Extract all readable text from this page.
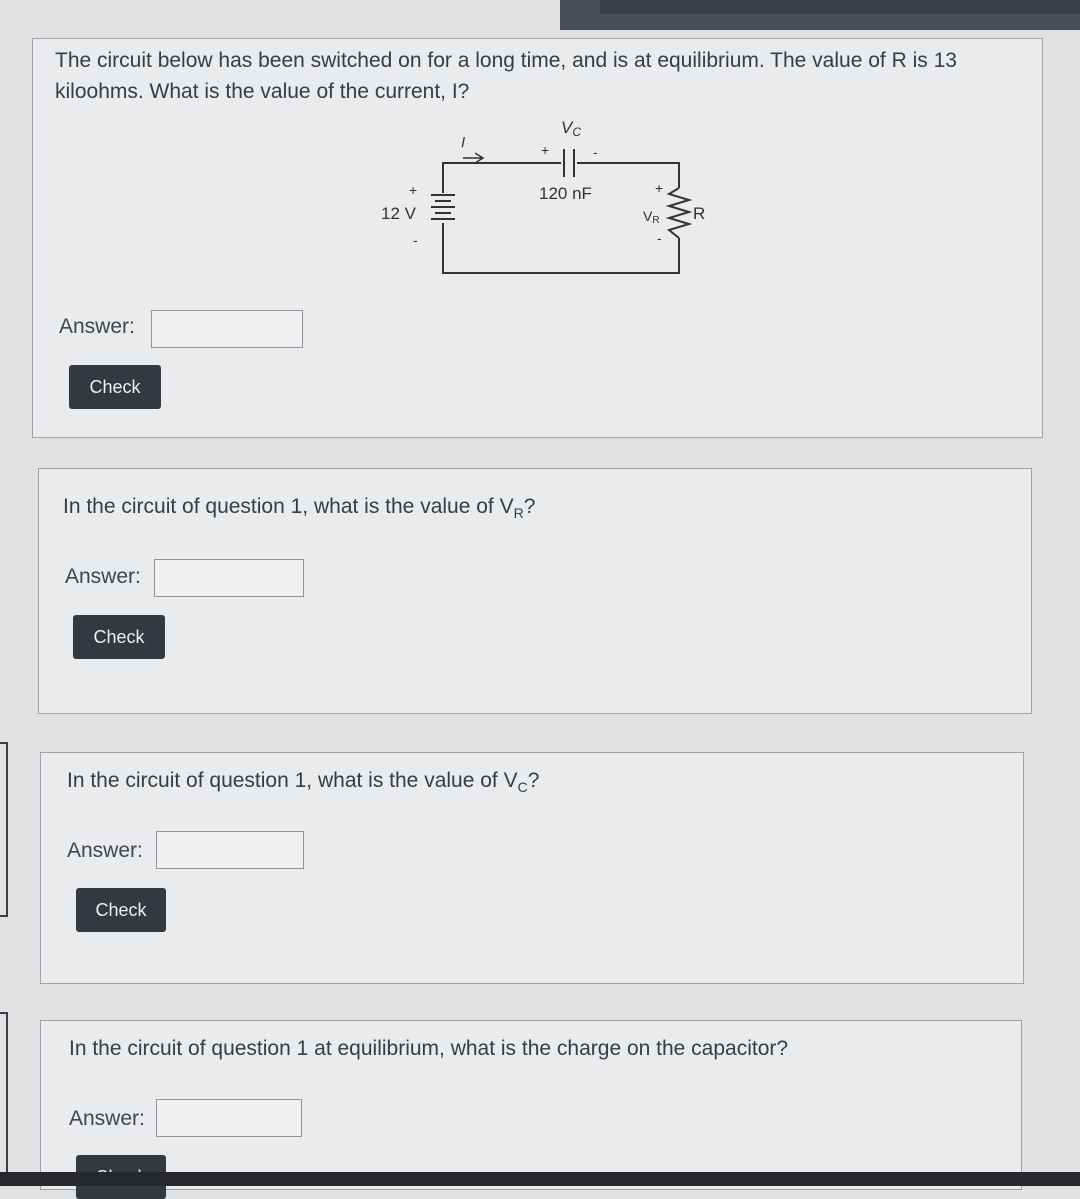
The circuit below has been switched on for a long time, and is at equilibrium. The value of R is 13 kiloohms. What is the value of the current, I?
VC
I	+	-
120 nF
12 V
+
-
+
VR
-
R
Answer:
Check
In the circuit of question 1, what is the value of $V_R$?
Answer:
Check
In the circuit of question 1, what is the value of $V_C$?
Answer:
Check
In the circuit of question 1 at equilibrium, what is the charge on the capacitor?
Answer:
